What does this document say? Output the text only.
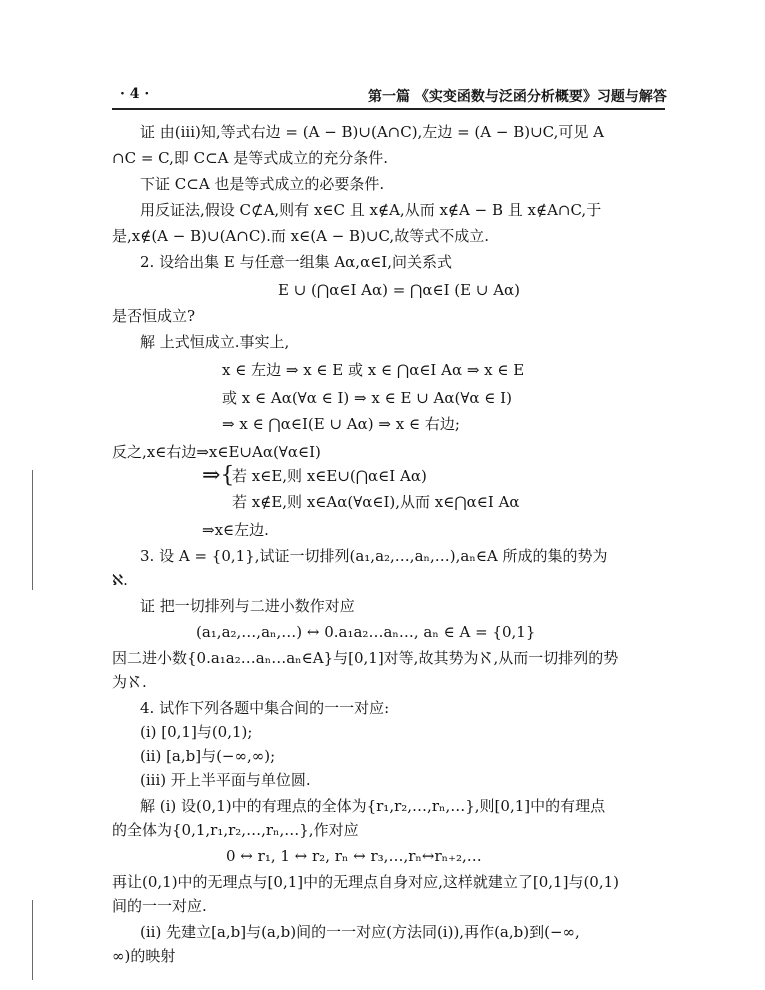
· 4 ·	第一篇 《实变函数与泛函分析概要》习题与解答
证 由(iii)知,等式右边 = (A − B)∪(A∩C),左边 = (A − B)∪C,可见 A
∩C = C,即 C⊂A 是等式成立的充分条件.
下证 C⊂A 也是等式成立的必要条件.
用反证法,假设 C⊄A,则有 x∈C 且 x∉A,从而 x∉A − B 且 x∉A∩C,于
是,x∉(A − B)∪(A∩C).而 x∈(A − B)∪C,故等式不成立.
2. 设给出集 E 与任意一组集 Aα,α∈I,问关系式
E ∪ (⋂α∈I Aα) = ⋂α∈I (E ∪ Aα)
是否恒成立?
解 上式恒成立.事实上,
x ∈ 左边 ⇒ x ∈ E 或 x ∈ ⋂α∈I Aα ⇒ x ∈ E
或 x ∈ Aα(∀α ∈ I) ⇒ x ∈ E ∪ Aα(∀α ∈ I)
⇒ x ∈ ⋂α∈I(E ∪ Aα) ⇒ x ∈ 右边;
反之,x∈右边⇒x∈E∪Aα(∀α∈I)
⇒{
若 x∈E,则 x∈E∪(⋂α∈I Aα)
若 x∉E,则 x∈Aα(∀α∈I),从而 x∈⋂α∈I Aα
⇒x∈左边.
3. 设 A = {0,1},试证一切排列(a₁,a₂,…,aₙ,…),aₙ∈A 所成的集的势为
ℵ.
证 把一切排列与二进小数作对应
(a₁,a₂,…,aₙ,…) ↔ 0.a₁a₂…aₙ…, aₙ ∈ A = {0,1}
因二进小数{0.a₁a₂…aₙ…aₙ∈A}与[0,1]对等,故其势为ℵ,从而一切排列的势
为ℵ.
4. 试作下列各题中集合间的一一对应:
(i) [0,1]与(0,1);
(ii) [a,b]与(−∞,∞);
(iii) 开上半平面与单位圆.
解 (i) 设(0,1)中的有理点的全体为{r₁,r₂,…,rₙ,…},则[0,1]中的有理点
的全体为{0,1,r₁,r₂,…,rₙ,…},作对应
0 ↔ r₁, 1 ↔ r₂, rₙ ↔ r₃,…,rₙ↔rₙ₊₂,…
再让(0,1)中的无理点与[0,1]中的无理点自身对应,这样就建立了[0,1]与(0,1)
间的一一对应.
(ii) 先建立[a,b]与(a,b)间的一一对应(方法同(i)),再作(a,b)到(−∞,
∞)的映射
